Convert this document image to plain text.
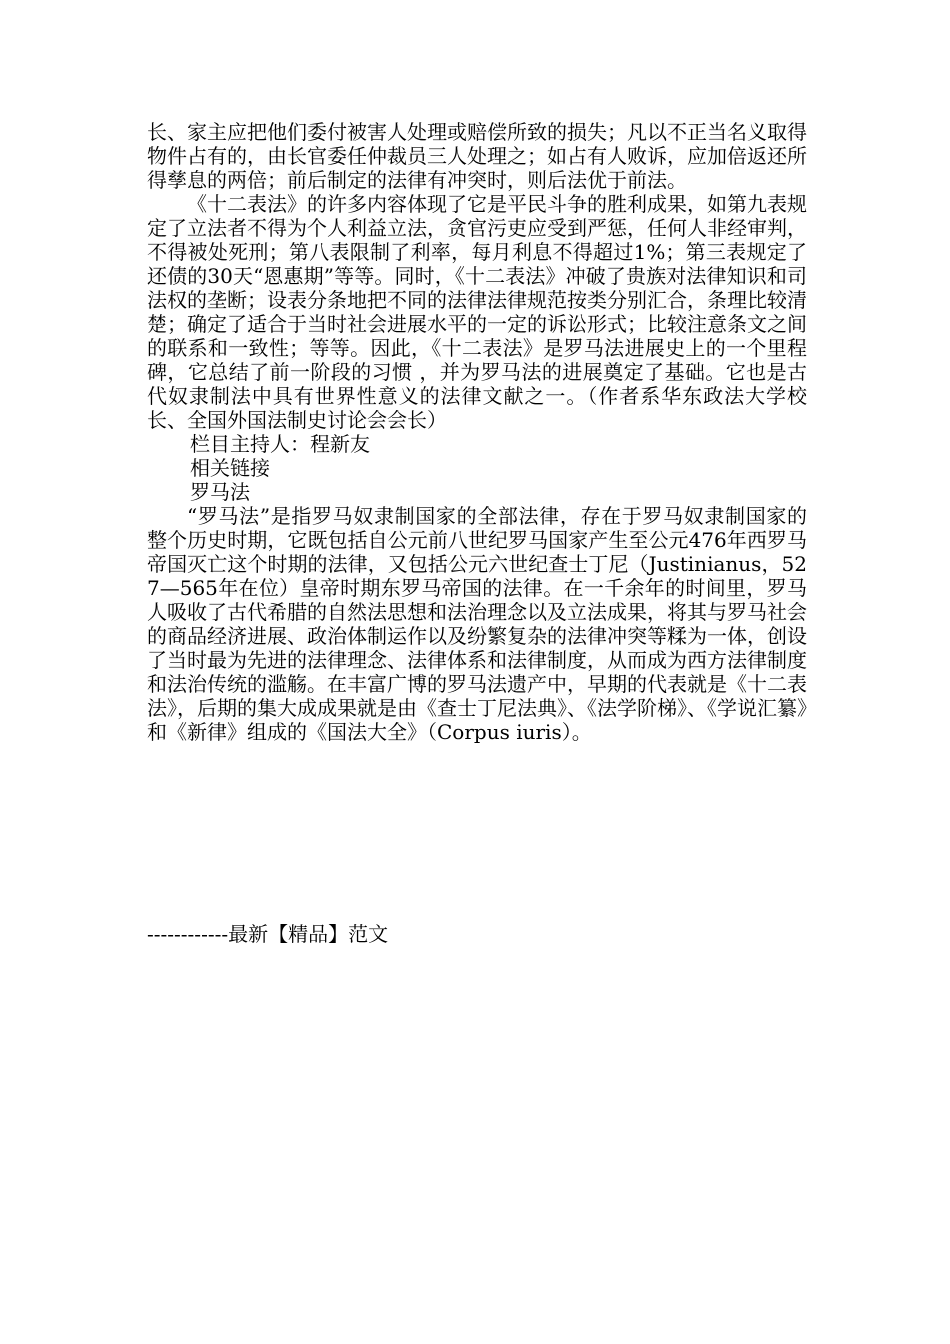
长、家主应把他们委付被害人处理或赔偿所致的损失；凡以不正当名义取得物件占有的，由长官委任仲裁员三人处理之；如占有人败诉，应加倍返还所得孳息的两倍；前后制定的法律有冲突时，则后法优于前法。

《十二表法》的许多内容体现了它是平民斗争的胜利成果，如第九表规定了立法者不得为个人利益立法，贪官污吏应受到严惩，任何人非经审判，不得被处死刑；第八表限制了利率，每月利息不得超过1%；第三表规定了还债的30天“恩惠期”等等。同时，《十二表法》冲破了贵族对法律知识和司法权的垄断；设表分条地把不同的法律法律规范按类分别汇合，条理比较清楚；确定了适合于当时社会进展水平的一定的诉讼形式；比较注意条文之间的联系和一致性；等等。因此，《十二表法》是罗马法进展史上的一个里程碑，它总结了前一阶段的习惯 ，并为罗马法的进展奠定了基础。它也是古代奴隶制法中具有世界性意义的法律文献之一。（作者系华东政法大学校长、全国外国法制史讨论会会长）

栏目主持人：程新友

相关链接

罗马法

“罗马法”是指罗马奴隶制国家的全部法律，存在于罗马奴隶制国家的整个历史时期，它既包括自公元前八世纪罗马国家产生至公元476年西罗马帝国灭亡这个时期的法律，又包括公元六世纪查士丁尼（Justinianus，527—565年在位）皇帝时期东罗马帝国的法律。在一千余年的时间里，罗马人吸收了古代希腊的自然法思想和法治理念以及立法成果，将其与罗马社会的商品经济进展、政治体制运作以及纷繁复杂的法律冲突等糅为一体，创设了当时最为先进的法律理念、法律体系和法律制度，从而成为西方法律制度和法治传统的滥觞。在丰富广博的罗马法遗产中，早期的代表就是《十二表法》，后期的集大成成果就是由《查士丁尼法典》、《法学阶梯》、《学说汇纂》和《新律》组成的《国法大全》（Corpus iuris）。

------------最新【精品】范文
